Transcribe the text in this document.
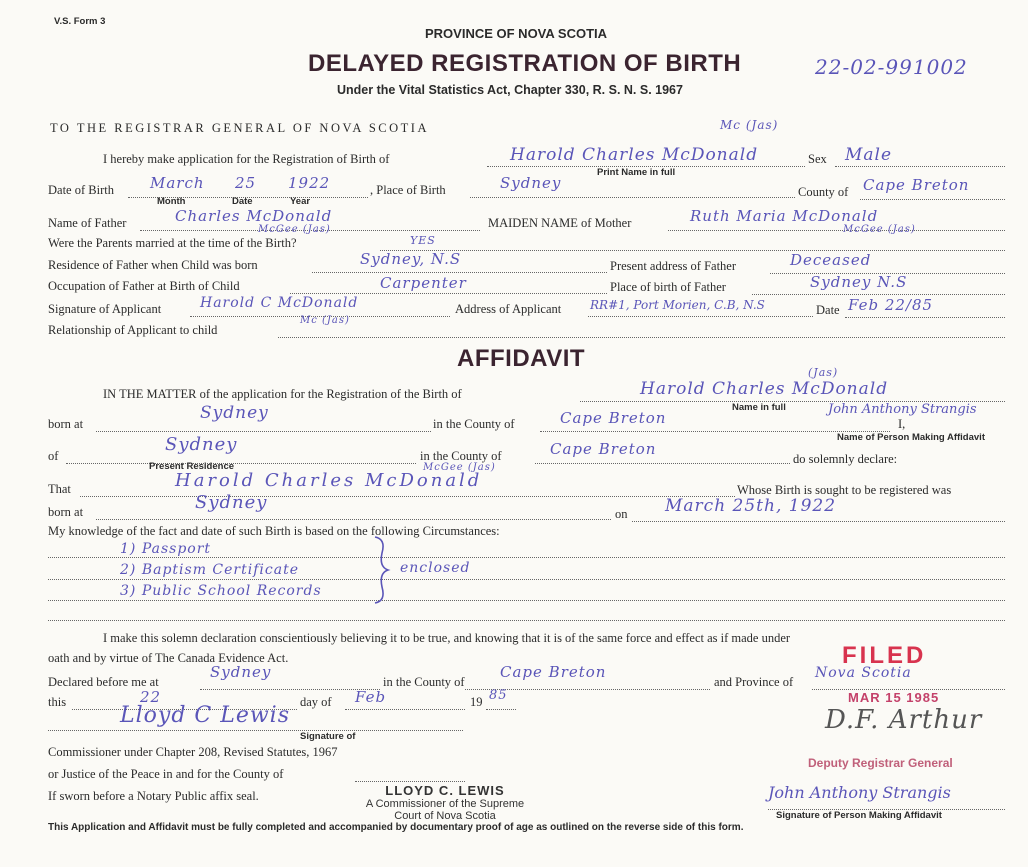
V.S. Form 3
PROVINCE OF NOVA SCOTIA
DELAYED REGISTRATION OF BIRTH	22-02-991002
Under the Vital Statistics Act, Chapter 330, R. S. N. S. 1967
TO THE REGISTRAR GENERAL OF NOVA SCOTIA
I hereby make application for the Registration of Birth of	Harold Charles McDonald
Mc (Jas)
Print Name in full
Sex Male
Date of Birth March 25 1922
Month	Date	Year
, Place of Birth	Sydney	County of Cape Breton
Name of Father	Charles McDonald
McGee (Jas)	MAIDEN NAME of Mother	Ruth Maria McDonald
McGee (Jas)
Were the Parents married at the time of the Birth?	YES
Residence of Father when Child was born	Sydney, N.S	Present address of Father	Deceased
Occupation of Father at Birth of Child	Carpenter	Place of birth of Father	Sydney N.S
Signature of Applicant	Harold C McDonald
Mc (Jas)
Address of Applicant RR#1, Port Morien, C.B, N.S	Date Feb 22/85
Relationship of Applicant to child
AFFIDAVIT
IN THE MATTER of the application for the Registration of the Birth of	Harold Charles McDonald
(Jas)
Name in full
born at
Sydney
in the County of	Cape Breton	I,
John Anthony Strangis
Name of Person Making Affidavit
of
Sydney
Present Residence
in the County of	Cape Breton
do solemnly declare:
That	Harold Charles McDonald
McGee (Jas)
Whose Birth is sought to be registered was
born at	Sydney
on March 25th, 1922
My knowledge of the fact and date of such Birth is based on the following Circumstances:
1) Passport
2) Baptism Certificate
3) Public School Records
enclosed
I make this solemn declaration conscientiously believing it to be true, and knowing that it is of the same force and effect as if made under
oath and by virtue of The Canada Evidence Act.
Declared before me at
Sydney
in the County of
Cape Breton
and Province of
Nova Scotia
this	22	day of Feb	19 85
Lloyd C Lewis
Signature of
Commissioner under Chapter 208, Revised Statutes, 1967
or Justice of the Peace in and for the County of
If sworn before a Notary Public affix seal.	LLOYD C. LEWIS
A Commissioner of the Supreme
Court of Nova Scotia
FILED
MAR 15 1985
D.F. Arthur
Deputy Registrar General
John Anthony Strangis
Signature of Person Making Affidavit
This Application and Affidavit must be fully completed and accompanied by documentary proof of age as outlined on the reverse side of this form.
